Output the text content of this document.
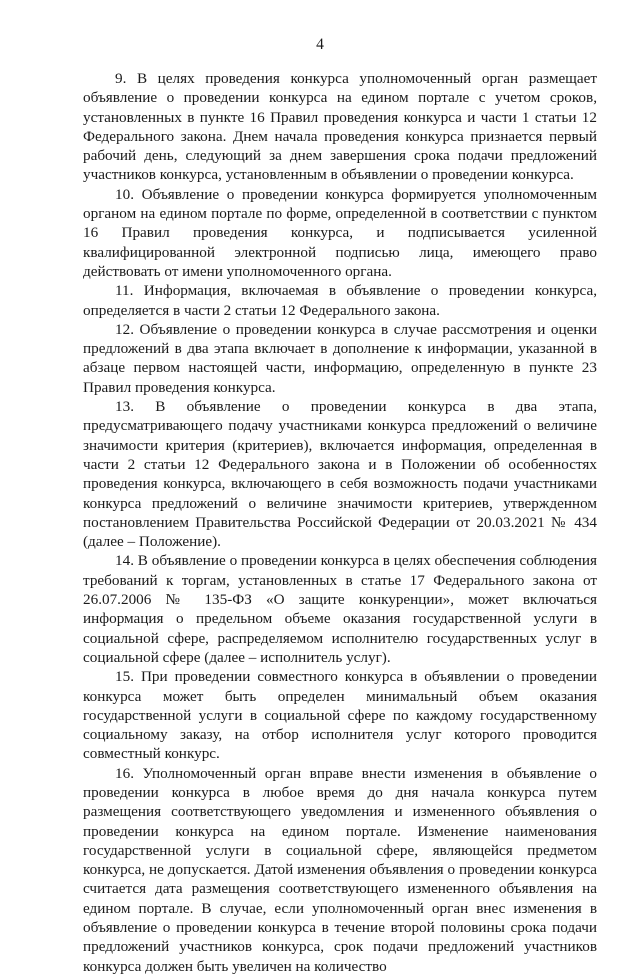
4

9. В целях проведения конкурса уполномоченный орган размещает объявление о проведении конкурса на едином портале с учетом сроков, установленных в пункте 16 Правил проведения конкурса и части 1 статьи 12 Федерального закона. Днем начала проведения конкурса признается первый рабочий день, следующий за днем завершения срока подачи предложений участников конкурса, установленным в объявлении о проведении конкурса.

10. Объявление о проведении конкурса формируется уполномоченным органом на едином портале по форме, определенной в соответствии с пунктом 16 Правил проведения конкурса, и подписывается усиленной квалифицированной электронной подписью лица, имеющего право действовать от имени уполномоченного органа.

11. Информация, включаемая в объявление о проведении конкурса, определяется в части 2 статьи 12 Федерального закона.

12. Объявление о проведении конкурса в случае рассмотрения и оценки предложений в два этапа включает в дополнение к информации, указанной в абзаце первом настоящей части, информацию, определенную в пункте 23 Правил проведения конкурса.

13. В объявление о проведении конкурса в два этапа, предусматривающего подачу участниками конкурса предложений о величине значимости критерия (критериев), включается информация, определенная в части 2 статьи 12 Федерального закона и в Положении об особенностях проведения конкурса, включающего в себя возможность подачи участниками конкурса предложений о величине значимости критериев, утвержденном постановлением Правительства Российской Федерации от 20.03.2021 № 434 (далее – Положение).

14. В объявление о проведении конкурса в целях обеспечения соблюдения требований к торгам, установленных в статье 17 Федерального закона от 26.07.2006 № 135-ФЗ «О защите конкуренции», может включаться информация о предельном объеме оказания государственной услуги в социальной сфере, распределяемом исполнителю государственных услуг в социальной сфере (далее – исполнитель услуг).

15. При проведении совместного конкурса в объявлении о проведении конкурса может быть определен минимальный объем оказания государственной услуги в социальной сфере по каждому государственному социальному заказу, на отбор исполнителя услуг которого проводится совместный конкурс.

16. Уполномоченный орган вправе внести изменения в объявление о проведении конкурса в любое время до дня начала конкурса путем размещения соответствующего уведомления и измененного объявления о проведении конкурса на едином портале. Изменение наименования государственной услуги в социальной сфере, являющейся предметом конкурса, не допускается. Датой изменения объявления о проведении конкурса считается дата размещения соответствующего измененного объявления на едином портале. В случае, если уполномоченный орган внес изменения в объявление о проведении конкурса в течение второй половины срока подачи предложений участников конкурса, срок подачи предложений участников конкурса должен быть увеличен на количество
